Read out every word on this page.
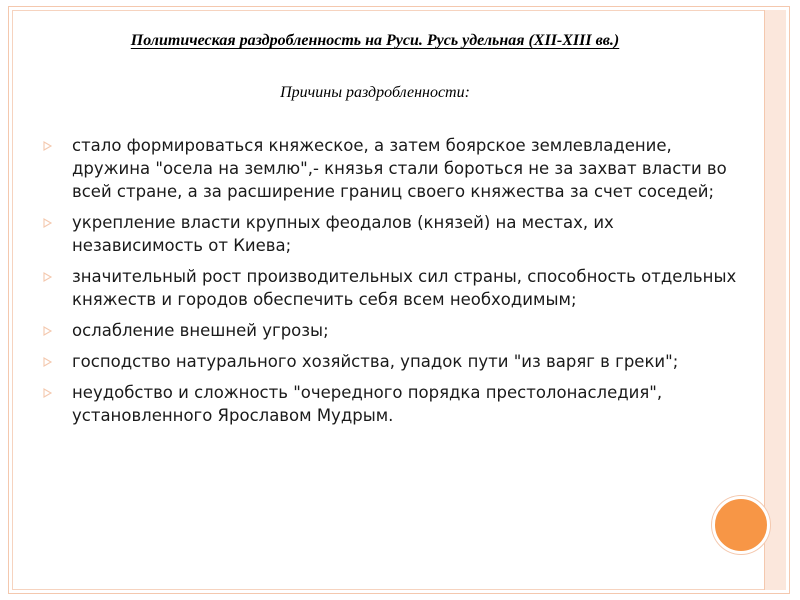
Политическая раздробленность на Руси. Русь удельная (XII-XIII вв.)

Причины раздробленности:

стало формироваться княжеское, а затем боярское землевладение, дружина "осела на землю",- князья стали бороться не за захват власти во всей стране, а за расширение границ своего княжества за счет соседей;
укрепление власти крупных феодалов (князей) на местах, их независимость от Киева;
значительный рост производительных сил страны, способность отдельных княжеств и городов обеспечить себя всем необходимым;
ослабление внешней угрозы;
господство натурального хозяйства, упадок пути "из варяг в греки";
неудобство и сложность "очередного порядка престолонаследия", установленного Ярославом Мудрым.
